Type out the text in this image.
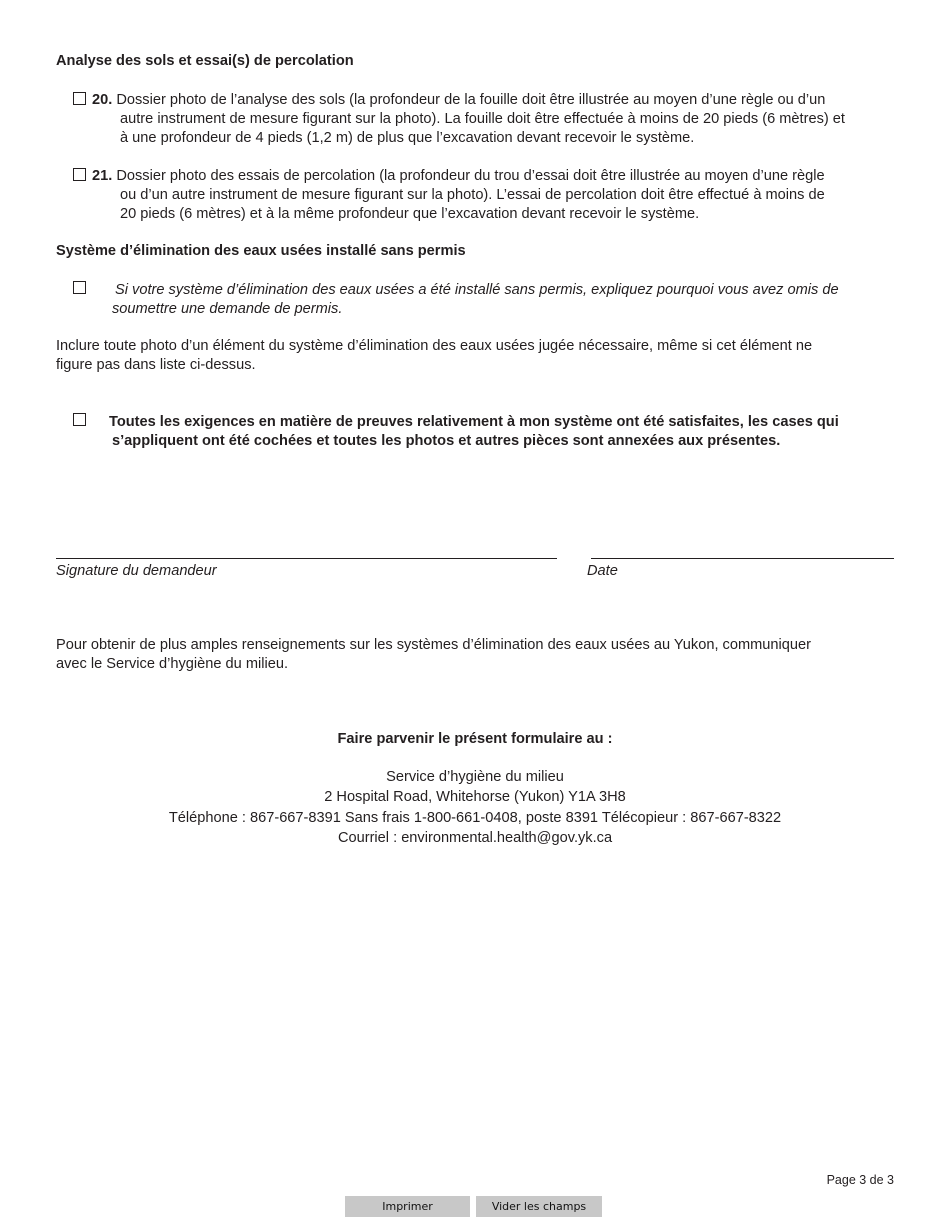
Analyse des sols et essai(s) de percolation
20. Dossier photo de l’analyse des sols (la profondeur de la fouille doit être illustrée au moyen d’une règle ou d’un
autre instrument de mesure figurant sur la photo). La fouille doit être effectuée à moins de 20 pieds (6 mètres) et
à une profondeur de 4 pieds (1,2 m) de plus que l’excavation devant recevoir le système.
21. Dossier photo des essais de percolation (la profondeur du trou d’essai doit être illustrée au moyen d’une règle
ou d’un autre instrument de mesure figurant sur la photo). L’essai de percolation doit être effectué à moins de
20 pieds (6 mètres) et à la même profondeur que l’excavation devant recevoir le système.
Système d’élimination des eaux usées installé sans permis
Si votre système d’élimination des eaux usées a été installé sans permis, expliquez pourquoi vous avez omis de
soumettre une demande de permis.
Inclure toute photo d’un élément du système d’élimination des eaux usées jugée nécessaire, même si cet élément ne
figure pas dans liste ci-dessus.
Toutes les exigences en matière de preuves relativement à mon système ont été satisfaites, les cases qui
s’appliquent ont été cochées et toutes les photos et autres pièces sont annexées aux présentes.
Signature du demandeur	Date
Pour obtenir de plus amples renseignements sur les systèmes d’élimination des eaux usées au Yukon, communiquer
avec le Service d’hygiène du milieu.
Faire parvenir le présent formulaire au :
Service d’hygiène du milieu
2 Hospital Road, Whitehorse (Yukon) Y1A 3H8
Téléphone : 867-667-8391 Sans frais 1-800-661-0408, poste 8391 Télécopieur : 867-667-8322
Courriel : environmental.health@gov.yk.ca
Page 3 de 3
Imprimer	Vider les champs
